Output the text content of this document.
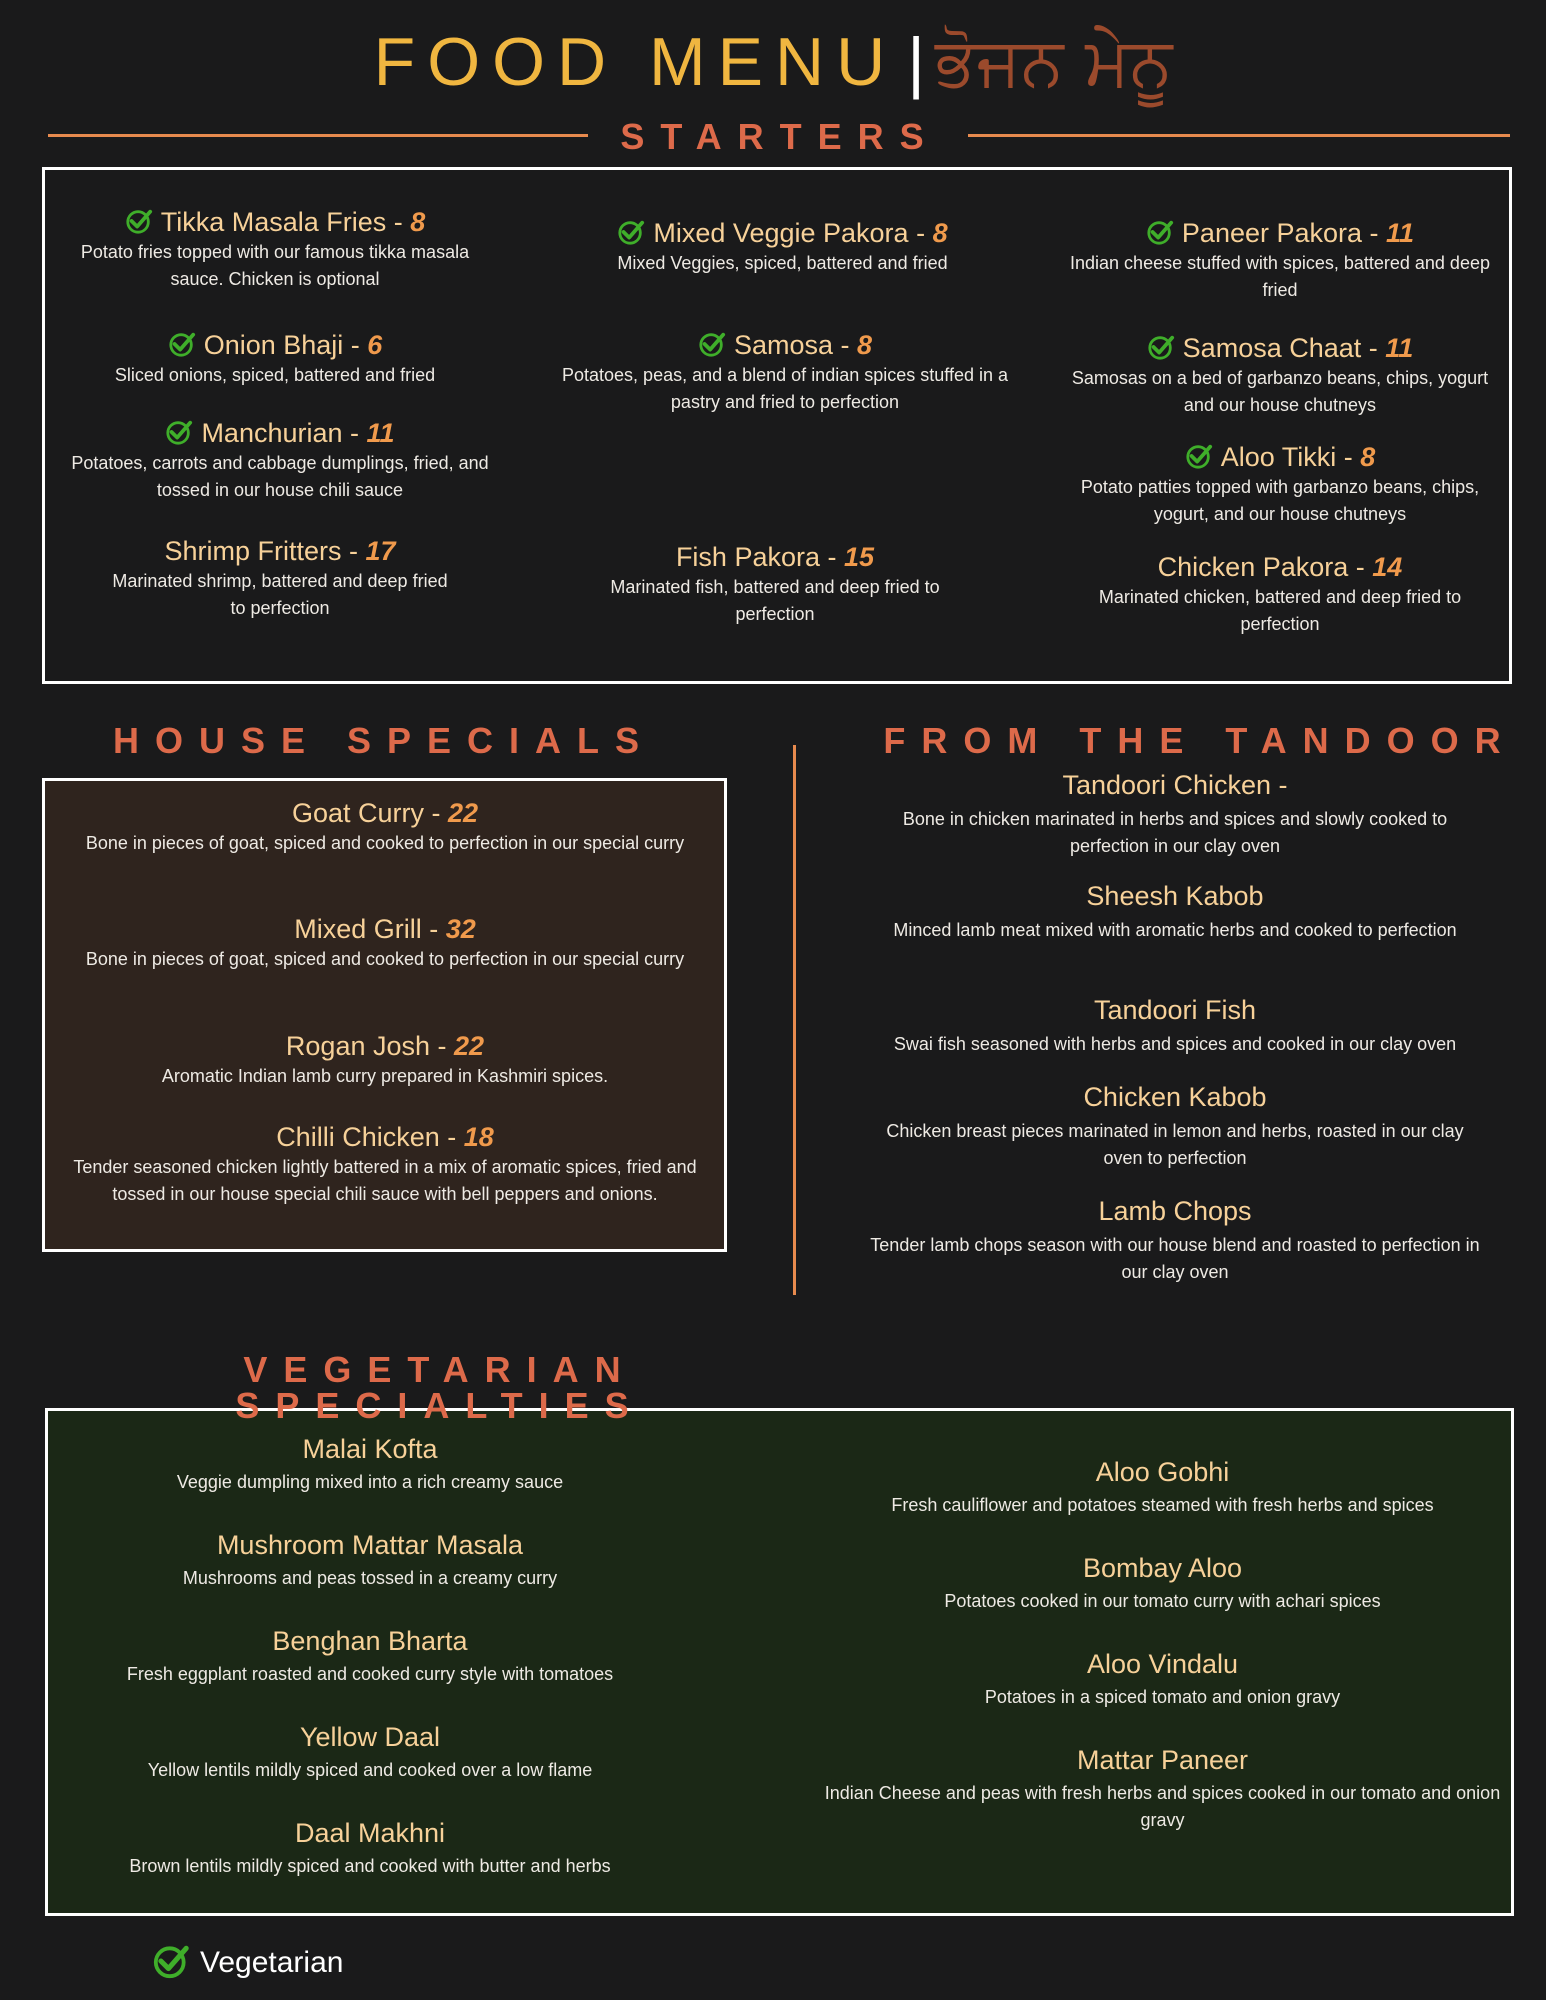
FOOD MENU | ਭੋਜਨ ਮੇਨੂ
STARTERS
Tikka Masala Fries - 8
Potato fries topped with our famous tikka masala sauce. Chicken is optional
Mixed Veggie Pakora - 8
Mixed Veggies, spiced, battered and fried
Paneer Pakora - 11
Indian cheese stuffed with spices, battered and deep fried
Onion Bhaji - 6
Sliced onions, spiced, battered and fried
Samosa - 8
Potatoes, peas, and a blend of indian spices stuffed in a pastry and fried to perfection
Samosa Chaat - 11
Samosas on a bed of garbanzo beans, chips, yogurt and our house chutneys
Manchurian - 11
Potatoes, carrots and cabbage dumplings, fried, and tossed in our house chili sauce
Aloo Tikki - 8
Potato patties topped with garbanzo beans, chips, yogurt, and our house chutneys
Shrimp Fritters - 17
Marinated shrimp, battered and deep fried to perfection
Fish Pakora - 15
Marinated fish, battered and deep fried to perfection
Chicken Pakora - 14
Marinated chicken, battered and deep fried to perfection
HOUSE SPECIALS
Goat Curry - 22
Bone in pieces of goat, spiced and cooked to perfection in our special curry
Mixed Grill - 32
Bone in pieces of goat, spiced and cooked to perfection in our special curry
Rogan Josh - 22
Aromatic Indian lamb curry prepared in Kashmiri spices.
Chilli Chicken - 18
Tender seasoned chicken lightly battered in a mix of aromatic spices, fried and tossed in our house special chili sauce with bell peppers and onions.
FROM THE TANDOOR
Tandoori Chicken -
Bone in chicken marinated in herbs and spices and slowly cooked to perfection in our clay oven
Sheesh Kabob
Minced lamb meat mixed with aromatic herbs and cooked to perfection
Tandoori Fish
Swai fish seasoned with herbs and spices and cooked in our clay oven
Chicken Kabob
Chicken breast pieces marinated in lemon and herbs, roasted in our clay oven to perfection
Lamb Chops
Tender lamb chops season with our house blend and roasted to perfection in our clay oven
VEGETARIAN
SPECIALTIES
Malai Kofta
Veggie dumpling mixed into a rich creamy sauce
Mushroom Mattar Masala
Mushrooms and peas tossed in a creamy curry
Benghan Bharta
Fresh eggplant roasted and cooked curry style with tomatoes
Yellow Daal
Yellow lentils mildly spiced and cooked over a low flame
Daal Makhni
Brown lentils mildly spiced and cooked with butter and herbs
Aloo Gobhi
Fresh cauliflower and potatoes steamed with fresh herbs and spices
Bombay Aloo
Potatoes cooked in our tomato curry with achari spices
Aloo Vindalu
Potatoes in a spiced tomato and onion gravy
Mattar Paneer
Indian Cheese and peas with fresh herbs and spices cooked in our tomato and onion gravy
Vegetarian
